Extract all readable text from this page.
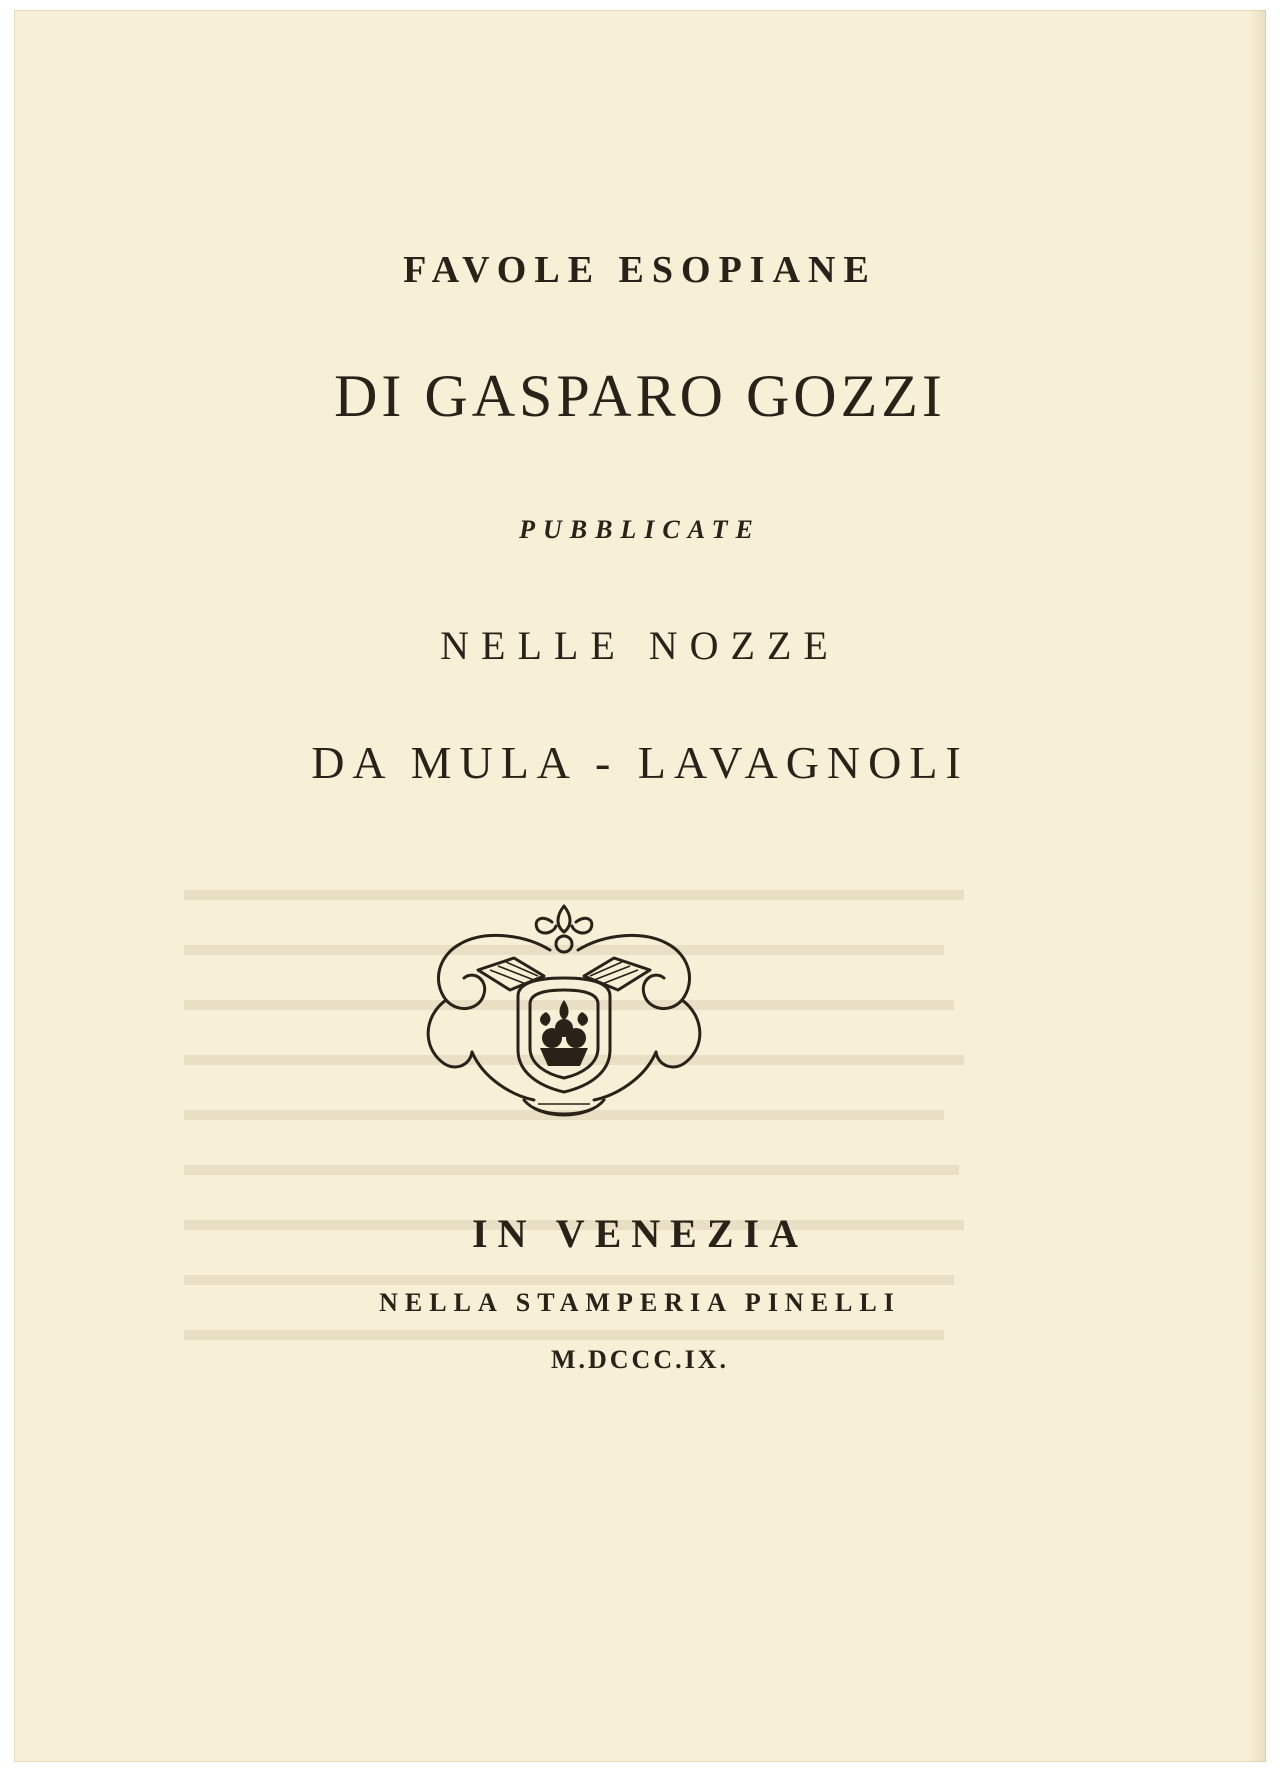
FAVOLE ESOPIANE
DI GASPARO GOZZI
PUBBLICATE
NELLE NOZZE
DA MULA - LAVAGNOLI
IN VENEZIA
NELLA STAMPERIA PINELLI
M.DCCC.IX.
